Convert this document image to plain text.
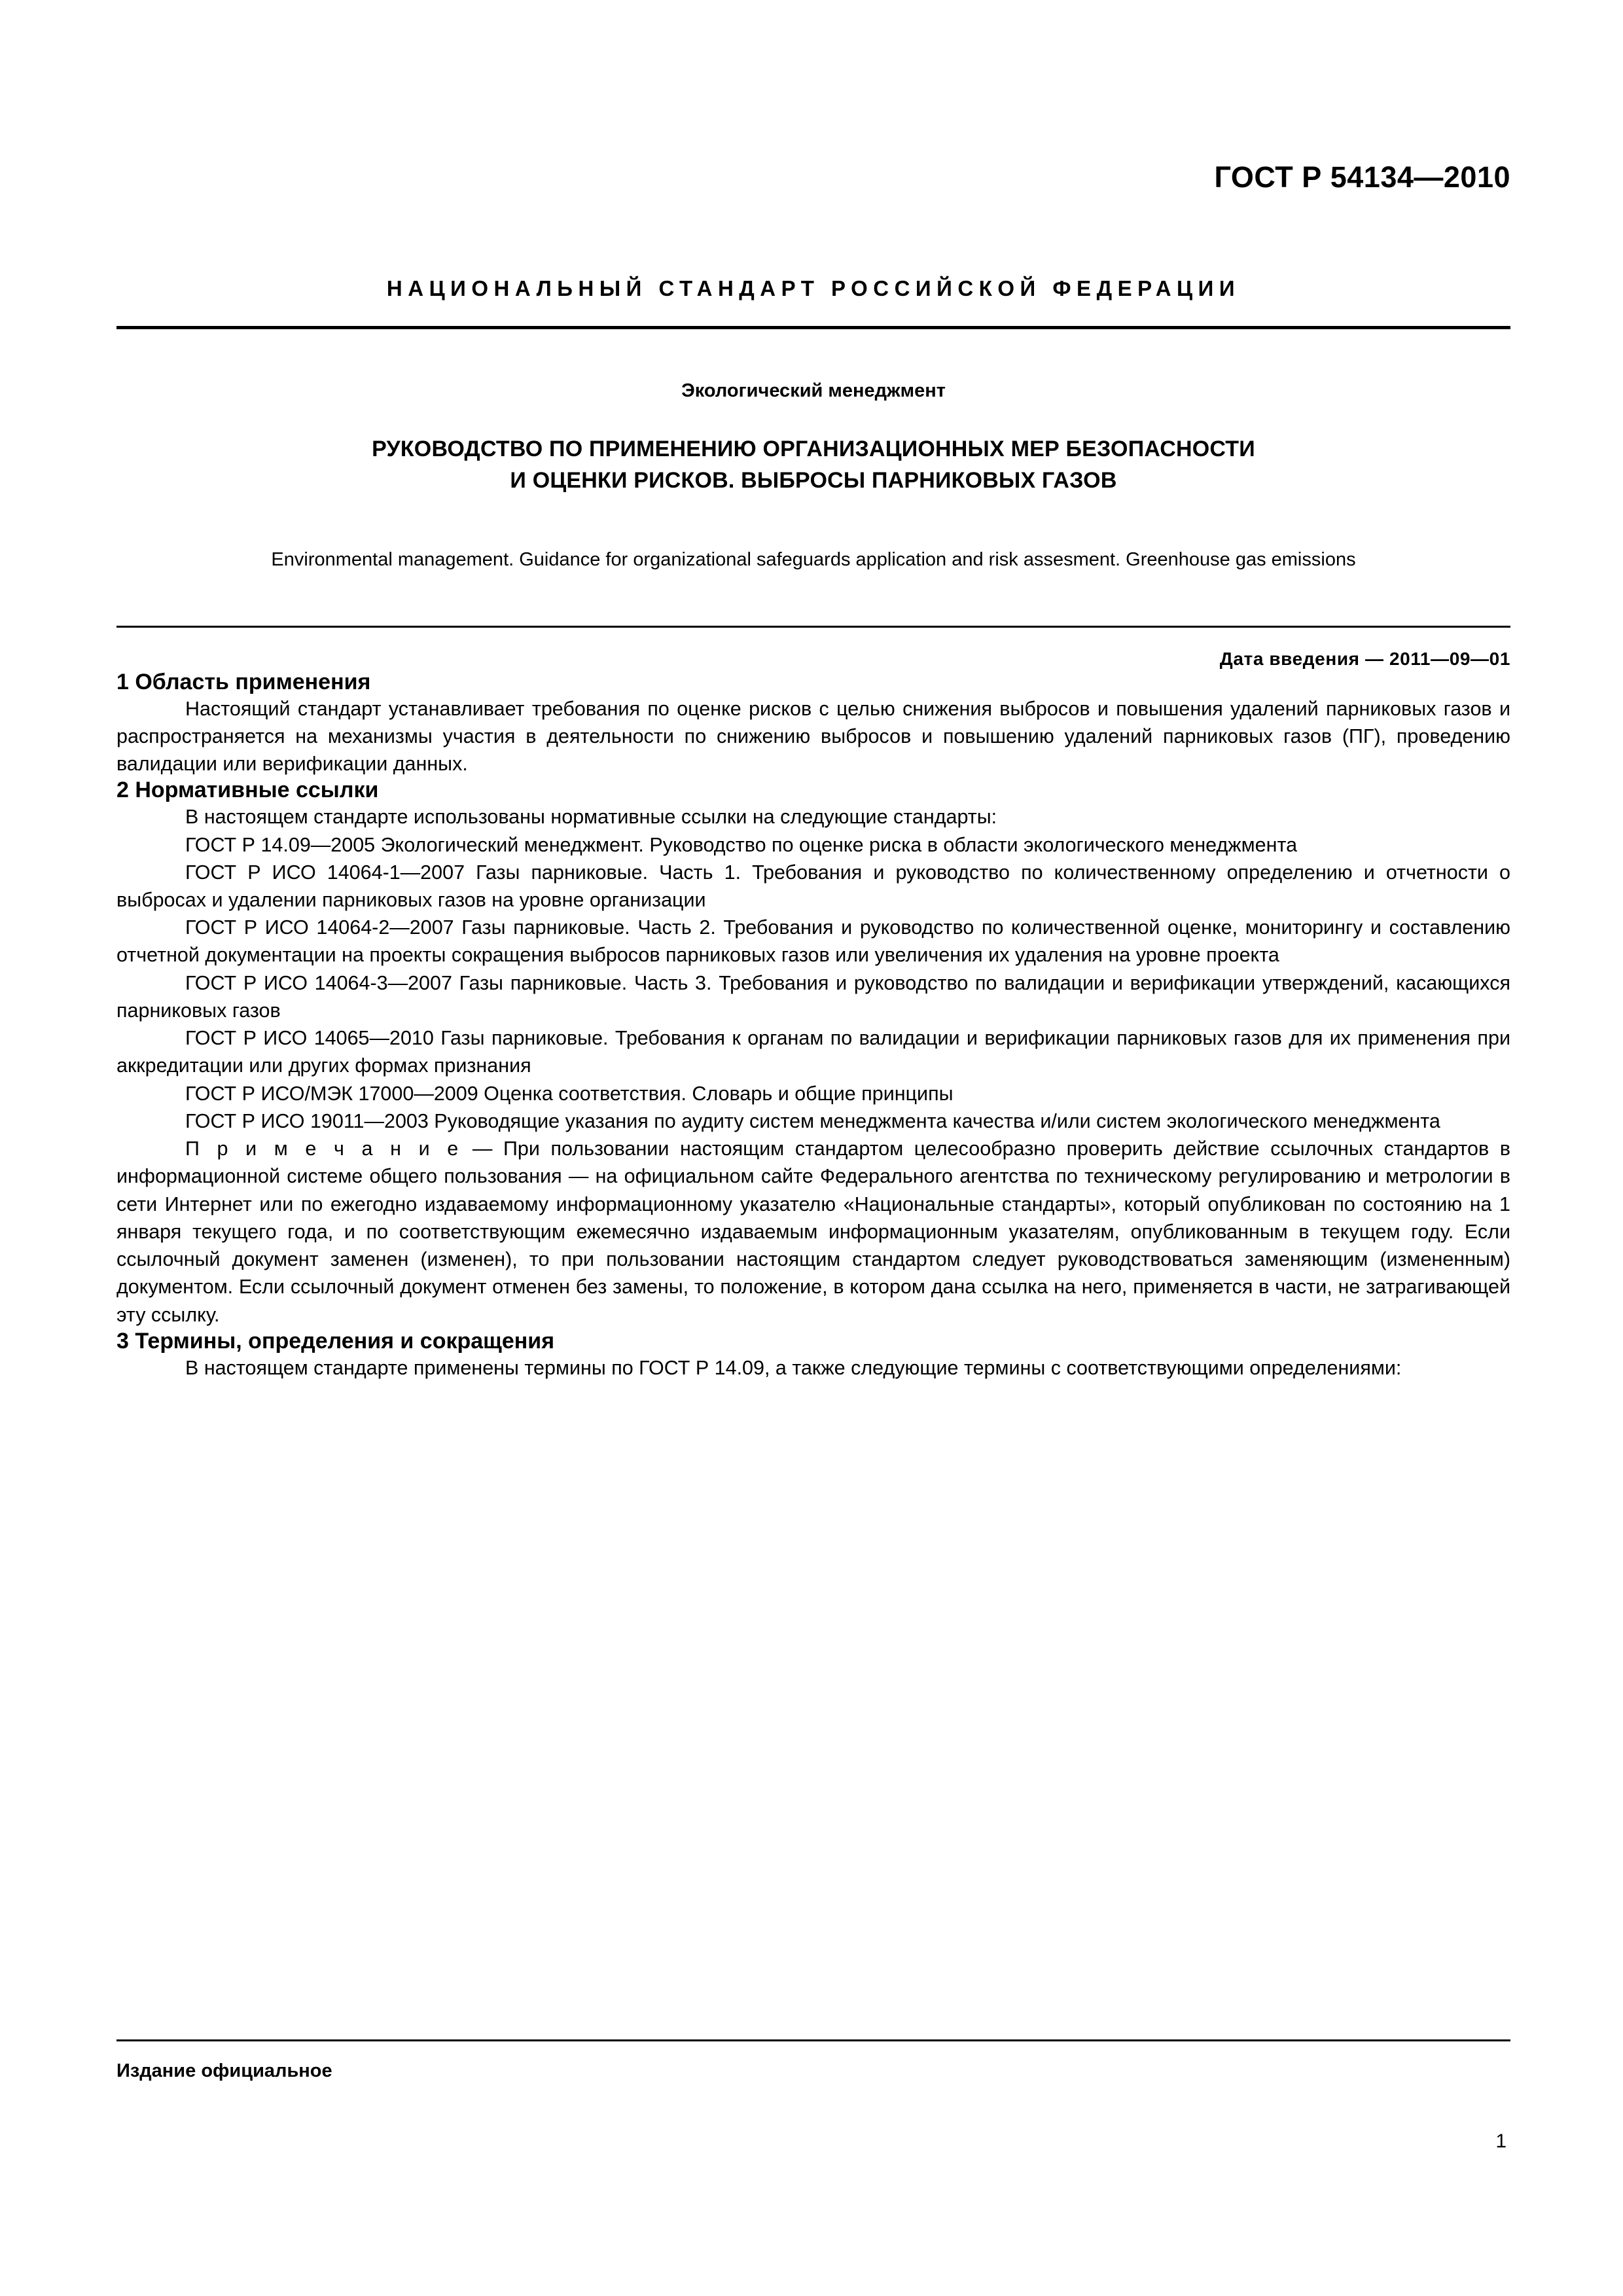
ГОСТ Р 54134—2010
НАЦИОНАЛЬНЫЙ СТАНДАРТ РОССИЙСКОЙ ФЕДЕРАЦИИ
Экологический менеджмент
РУКОВОДСТВО ПО ПРИМЕНЕНИЮ ОРГАНИЗАЦИОННЫХ МЕР БЕЗОПАСНОСТИ
И ОЦЕНКИ РИСКОВ. ВЫБРОСЫ ПАРНИКОВЫХ ГАЗОВ
Environmental management. Guidance for organizational safeguards application and risk assesment. Greenhouse gas emissions
Дата введения — 2011—09—01
1 Область применения

Настоящий стандарт устанавливает требования по оценке рисков с целью снижения выбросов и повышения удалений парниковых газов и распространяется на механизмы участия в деятельности по снижению выбросов и повышению удалений парниковых газов (ПГ), проведению валидации или верификации данных.

2 Нормативные ссылки

В настоящем стандарте использованы нормативные ссылки на следующие стандарты:

ГОСТ Р 14.09—2005 Экологический менеджмент. Руководство по оценке риска в области экологического менеджмента

ГОСТ Р ИСО 14064-1—2007 Газы парниковые. Часть 1. Требования и руководство по количественному определению и отчетности о выбросах и удалении парниковых газов на уровне организации

ГОСТ Р ИСО 14064-2—2007 Газы парниковые. Часть 2. Требования и руководство по количественной оценке, мониторингу и составлению отчетной документации на проекты сокращения выбросов парниковых газов или увеличения их удаления на уровне проекта

ГОСТ Р ИСО 14064-3—2007 Газы парниковые. Часть 3. Требования и руководство по валидации и верификации утверждений, касающихся парниковых газов

ГОСТ Р ИСО 14065—2010 Газы парниковые. Требования к органам по валидации и верификации парниковых газов для их применения при аккредитации или других формах признания

ГОСТ Р ИСО/МЭК 17000—2009 Оценка соответствия. Словарь и общие принципы

ГОСТ Р ИСО 19011—2003 Руководящие указания по аудиту систем менеджмента качества и/или систем экологического менеджмента

П р и м е ч а н и е — При пользовании настоящим стандартом целесообразно проверить действие ссылочных стандартов в информационной системе общего пользования — на официальном сайте Федерального агентства по техническому регулированию и метрологии в сети Интернет или по ежегодно издаваемому информационному указателю «Национальные стандарты», который опубликован по состоянию на 1 января текущего года, и по соответствующим ежемесячно издаваемым информационным указателям, опубликованным в текущем году. Если ссылочный документ заменен (изменен), то при пользовании настоящим стандартом следует руководствоваться заменяющим (измененным) документом. Если ссылочный документ отменен без замены, то положение, в котором дана ссылка на него, применяется в части, не затрагивающей эту ссылку.

3 Термины, определения и сокращения

В настоящем стандарте применены термины по ГОСТ Р 14.09, а также следующие термины с соответствующими определениями:

Издание официальное
1
